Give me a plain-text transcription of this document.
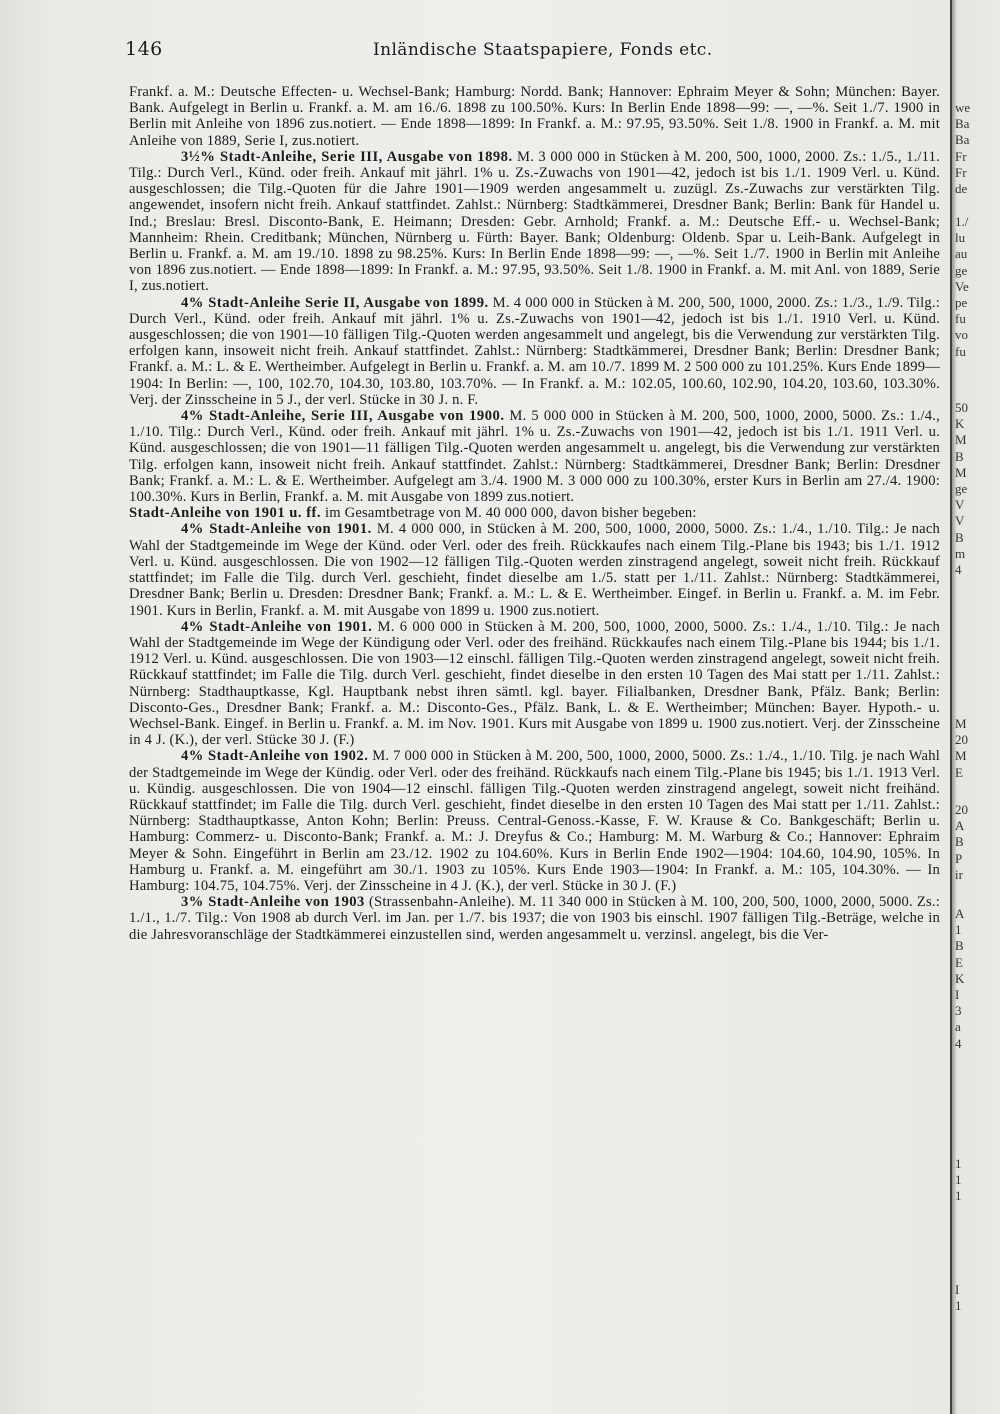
146	Inländische Staatspapiere, Fonds etc.
Frankf. a. M.: Deutsche Effecten- u. Wechsel-Bank; Hamburg: Nordd. Bank; Hannover: Ephraim Meyer & Sohn; München: Bayer. Bank. Aufgelegt in Berlin u. Frankf. a. M. am 16./6. 1898 zu 100.50%. Kurs: In Berlin Ende 1898—99: —, —%. Seit 1./7. 1900 in Berlin mit Anleihe von 1896 zus.notiert. — Ende 1898—1899: In Frankf. a. M.: 97.95, 93.50%. Seit 1./8. 1900 in Frankf. a. M. mit Anleihe von 1889, Serie I, zus.notiert.
3½% Stadt-Anleihe, Serie III, Ausgabe von 1898. M. 3 000 000 in Stücken à M. 200, 500, 1000, 2000. Zs.: 1./5., 1./11. Tilg.: Durch Verl., Künd. oder freih. Ankauf mit jährl. 1% u. Zs.-Zuwachs von 1901—42, jedoch ist bis 1./1. 1909 Verl. u. Künd. ausgeschlossen; die Tilg.-Quoten für die Jahre 1901—1909 werden angesammelt u. zuzügl. Zs.-Zuwachs zur verstärkten Tilg. angewendet, insofern nicht freih. Ankauf stattfindet. Zahlst.: Nürnberg: Stadtkämmerei, Dresdner Bank; Berlin: Bank für Handel u. Ind.; Breslau: Bresl. Disconto-Bank, E. Heimann; Dresden: Gebr. Arnhold; Frankf. a. M.: Deutsche Eff.- u. Wechsel-Bank; Mannheim: Rhein. Creditbank; München, Nürnberg u. Fürth: Bayer. Bank; Oldenburg: Oldenb. Spar u. Leih-Bank. Aufgelegt in Berlin u. Frankf. a. M. am 19./10. 1898 zu 98.25%. Kurs: In Berlin Ende 1898—99: —, —%. Seit 1./7. 1900 in Berlin mit Anleihe von 1896 zus.notiert. — Ende 1898—1899: In Frankf. a. M.: 97.95, 93.50%. Seit 1./8. 1900 in Frankf. a. M. mit Anl. von 1889, Serie I, zus.notiert.
4% Stadt-Anleihe Serie II, Ausgabe von 1899. M. 4 000 000 in Stücken à M. 200, 500, 1000, 2000. Zs.: 1./3., 1./9. Tilg.: Durch Verl., Künd. oder freih. Ankauf mit jährl. 1% u. Zs.-Zuwachs von 1901—42, jedoch ist bis 1./1. 1910 Verl. u. Künd. ausgeschlossen; die von 1901—10 fälligen Tilg.-Quoten werden angesammelt und angelegt, bis die Verwendung zur verstärkten Tilg. erfolgen kann, insoweit nicht freih. Ankauf stattfindet. Zahlst.: Nürnberg: Stadtkämmerei, Dresdner Bank; Berlin: Dresdner Bank; Frankf. a. M.: L. & E. Wertheimber. Aufgelegt in Berlin u. Frankf. a. M. am 10./7. 1899 M. 2 500 000 zu 101.25%. Kurs Ende 1899—1904: In Berlin: —, 100, 102.70, 104.30, 103.80, 103.70%. — In Frankf. a. M.: 102.05, 100.60, 102.90, 104.20, 103.60, 103.30%. Verj. der Zinsscheine in 5 J., der verl. Stücke in 30 J. n. F.
4% Stadt-Anleihe, Serie III, Ausgabe von 1900. M. 5 000 000 in Stücken à M. 200, 500, 1000, 2000, 5000. Zs.: 1./4., 1./10. Tilg.: Durch Verl., Künd. oder freih. Ankauf mit jährl. 1% u. Zs.-Zuwachs von 1901—42, jedoch ist bis 1./1. 1911 Verl. u. Künd. ausgeschlossen; die von 1901—11 fälligen Tilg.-Quoten werden angesammelt u. angelegt, bis die Verwendung zur verstärkten Tilg. erfolgen kann, insoweit nicht freih. Ankauf stattfindet. Zahlst.: Nürnberg: Stadtkämmerei, Dresdner Bank; Berlin: Dresdner Bank; Frankf. a. M.: L. & E. Wertheimber. Aufgelegt am 3./4. 1900 M. 3 000 000 zu 100.30%, erster Kurs in Berlin am 27./4. 1900: 100.30%. Kurs in Berlin, Frankf. a. M. mit Ausgabe von 1899 zus.notiert.
Stadt-Anleihe von 1901 u. ff. im Gesamtbetrage von M. 40 000 000, davon bisher begeben:
4% Stadt-Anleihe von 1901. M. 4 000 000, in Stücken à M. 200, 500, 1000, 2000, 5000. Zs.: 1./4., 1./10. Tilg.: Je nach Wahl der Stadtgemeinde im Wege der Künd. oder Verl. oder des freih. Rückkaufes nach einem Tilg.-Plane bis 1943; bis 1./1. 1912 Verl. u. Künd. ausgeschlossen. Die von 1902—12 fälligen Tilg.-Quoten werden zinstragend angelegt, soweit nicht freih. Rückkauf stattfindet; im Falle die Tilg. durch Verl. geschieht, findet dieselbe am 1./5. statt per 1./11. Zahlst.: Nürnberg: Stadtkämmerei, Dresdner Bank; Berlin u. Dresden: Dresdner Bank; Frankf. a. M.: L. & E. Wertheimber. Eingef. in Berlin u. Frankf. a. M. im Febr. 1901. Kurs in Berlin, Frankf. a. M. mit Ausgabe von 1899 u. 1900 zus.notiert.
4% Stadt-Anleihe von 1901. M. 6 000 000 in Stücken à M. 200, 500, 1000, 2000, 5000. Zs.: 1./4., 1./10. Tilg.: Je nach Wahl der Stadtgemeinde im Wege der Kündigung oder Verl. oder des freihänd. Rückkaufes nach einem Tilg.-Plane bis 1944; bis 1./1. 1912 Verl. u. Künd. ausgeschlossen. Die von 1903—12 einschl. fälligen Tilg.-Quoten werden zinstragend angelegt, soweit nicht freih. Rückkauf stattfindet; im Falle die Tilg. durch Verl. geschieht, findet dieselbe in den ersten 10 Tagen des Mai statt per 1./11. Zahlst.: Nürnberg: Stadthauptkasse, Kgl. Hauptbank nebst ihren sämtl. kgl. bayer. Filialbanken, Dresdner Bank, Pfälz. Bank; Berlin: Disconto-Ges., Dresdner Bank; Frankf. a. M.: Disconto-Ges., Pfälz. Bank, L. & E. Wertheimber; München: Bayer. Hypoth.- u. Wechsel-Bank. Eingef. in Berlin u. Frankf. a. M. im Nov. 1901. Kurs mit Ausgabe von 1899 u. 1900 zus.notiert. Verj. der Zinsscheine in 4 J. (K.), der verl. Stücke 30 J. (F.)
4% Stadt-Anleihe von 1902. M. 7 000 000 in Stücken à M. 200, 500, 1000, 2000, 5000. Zs.: 1./4., 1./10. Tilg. je nach Wahl der Stadtgemeinde im Wege der Kündig. oder Verl. oder des freihänd. Rückkaufs nach einem Tilg.-Plane bis 1945; bis 1./1. 1913 Verl. u. Kündig. ausgeschlossen. Die von 1904—12 einschl. fälligen Tilg.-Quoten werden zinstragend angelegt, soweit nicht freihänd. Rückkauf stattfindet; im Falle die Tilg. durch Verl. geschieht, findet dieselbe in den ersten 10 Tagen des Mai statt per 1./11. Zahlst.: Nürnberg: Stadthauptkasse, Anton Kohn; Berlin: Preuss. Central-Genoss.-Kasse, F. W. Krause & Co. Bankgeschäft; Berlin u. Hamburg: Commerz- u. Disconto-Bank; Frankf. a. M.: J. Dreyfus & Co.; Hamburg: M. M. Warburg & Co.; Hannover: Ephraim Meyer & Sohn. Eingeführt in Berlin am 23./12. 1902 zu 104.60%. Kurs in Berlin Ende 1902—1904: 104.60, 104.90, 105%. In Hamburg u. Frankf. a. M. eingeführt am 30./1. 1903 zu 105%. Kurs Ende 1903—1904: In Frankf. a. M.: 105, 104.30%. — In Hamburg: 104.75, 104.75%. Verj. der Zinsscheine in 4 J. (K.), der verl. Stücke in 30 J. (F.)
3% Stadt-Anleihe von 1903 (Strassenbahn-Anleihe). M. 11 340 000 in Stücken à M. 100, 200, 500, 1000, 2000, 5000. Zs.: 1./1., 1./7. Tilg.: Von 1908 ab durch Verl. im Jan. per 1./7. bis 1937; die von 1903 bis einschl. 1907 fälligen Tilg.-Beträge, welche in die Jahresvoranschläge der Stadtkämmerei einzustellen sind, werden angesammelt u. verzinsl. angelegt, bis die Ver-
we
Ba
Ba
Fr
Fr
de
1./
lu
au
ge
Ve
pe
fu
vo
fu
50
K
M
B
M
ge
V
V
B
m
4
M
20
M
E
20
A
B
P
ir
A
1
B
E
K
I
3
a
4
1
1
1
I
1
